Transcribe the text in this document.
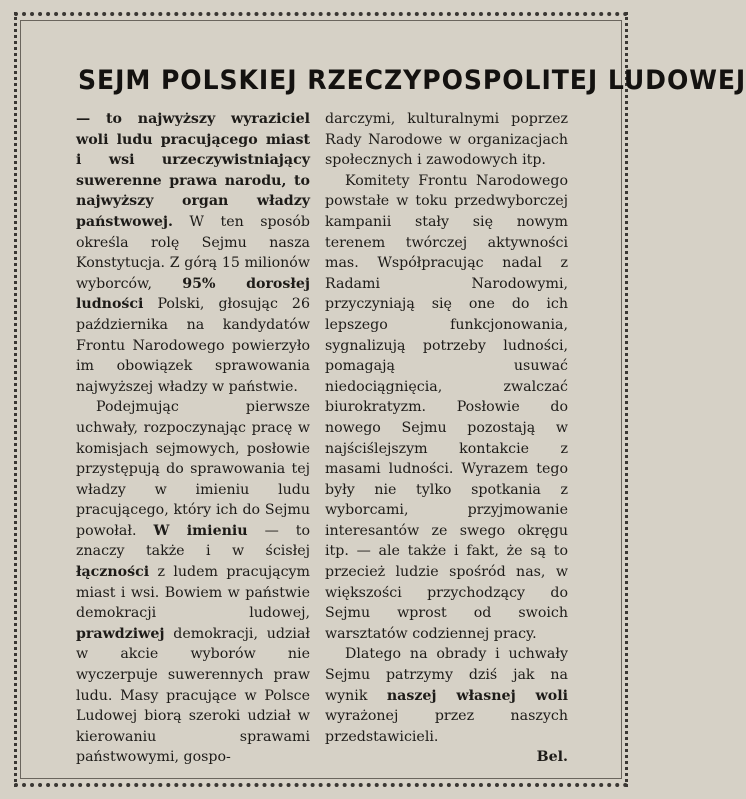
SEJM POLSKIEJ RZECZYPOSPOLITEJ LUDOWEJ

— to najwyższy wyraziciel woli ludu pracującego miast i wsi urzeczywistniający suwerenne prawa narodu, to najwyższy organ władzy państwowej. W ten sposób określa rolę Sejmu nasza Konstytucja. Z górą 15 milionów wyborców, 95% dorosłej ludności Polski, głosując 26 października na kandydatów Frontu Narodowego powierzyło im obowiązek sprawowania najwyższej władzy w państwie.

Podejmując pierwsze uchwały, rozpoczynając pracę w komisjach sejmowych, posłowie przystępują do sprawowania tej władzy w imieniu ludu pracującego, który ich do Sejmu powołał. W imieniu — to znaczy także i w ścisłej łączności z ludem pracującym miast i wsi. Bowiem w państwie demokracji ludowej, prawdziwej demokracji, udział w akcie wyborów nie wyczerpuje suwerennych praw ludu. Masy pracujące w Polsce Ludowej biorą szeroki udział w kierowaniu sprawami państwowymi, gospo-

darczymi, kulturalnymi poprzez Rady Narodowe w organizacjach społecznych i zawodowych itp.

Komitety Frontu Narodowego powstałe w toku przedwyborczej kampanii stały się nowym terenem twórczej aktywności mas. Współpracując nadal z Radami Narodowymi, przyczyniają się one do ich lepszego funkcjonowania, sygnalizują potrzeby ludności, pomagają usuwać niedociągnięcia, zwalczać biurokratyzm. Posłowie do nowego Sejmu pozostają w najściślejszym kontakcie z masami ludności. Wyrazem tego były nie tylko spotkania z wyborcami, przyjmowanie interesantów ze swego okręgu itp. — ale także i fakt, że są to przecież ludzie spośród nas, w większości przychodzący do Sejmu wprost od swoich warsztatów codziennej pracy.

Dlatego na obrady i uchwały Sejmu patrzymy dziś jak na wynik naszej własnej woli wyrażonej przez naszych przedstawicieli.

Bel.
